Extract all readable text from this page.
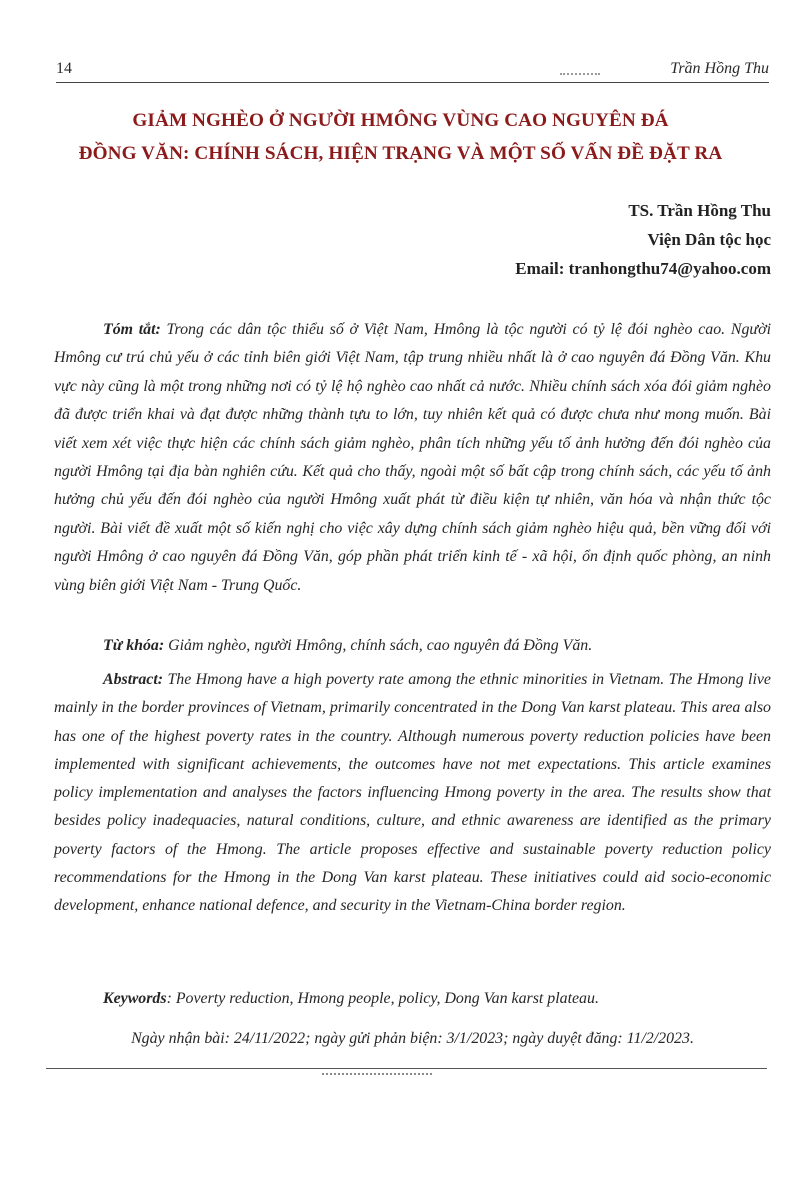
14	Trần Hồng Thu
GIẢM NGHÈO Ở NGƯỜI HMÔNG VÙNG CAO NGUYÊN ĐÁ
ĐỒNG VĂN: CHÍNH SÁCH, HIỆN TRẠNG VÀ MỘT SỐ VẤN ĐỀ ĐẶT RA
TS. Trần Hồng Thu
Viện Dân tộc học
Email: tranhongthu74@yahoo.com
Tóm tắt: Trong các dân tộc thiểu số ở Việt Nam, Hmông là tộc người có tỷ lệ đói nghèo cao. Người Hmông cư trú chủ yếu ở các tỉnh biên giới Việt Nam, tập trung nhiều nhất là ở cao nguyên đá Đồng Văn. Khu vực này cũng là một trong những nơi có tỷ lệ hộ nghèo cao nhất cả nước. Nhiều chính sách xóa đói giảm nghèo đã được triển khai và đạt được những thành tựu to lớn, tuy nhiên kết quả có được chưa như mong muốn. Bài viết xem xét việc thực hiện các chính sách giảm nghèo, phân tích những yếu tố ảnh hưởng đến đói nghèo của người Hmông tại địa bàn nghiên cứu. Kết quả cho thấy, ngoài một số bất cập trong chính sách, các yếu tố ảnh hưởng chủ yếu đến đói nghèo của người Hmông xuất phát từ điều kiện tự nhiên, văn hóa và nhận thức tộc người. Bài viết đề xuất một số kiến nghị cho việc xây dựng chính sách giảm nghèo hiệu quả, bền vững đối với người Hmông ở cao nguyên đá Đồng Văn, góp phần phát triển kinh tế - xã hội, ổn định quốc phòng, an ninh vùng biên giới Việt Nam - Trung Quốc.
Từ khóa: Giảm nghèo, người Hmông, chính sách, cao nguyên đá Đồng Văn.
Abstract: The Hmong have a high poverty rate among the ethnic minorities in Vietnam. The Hmong live mainly in the border provinces of Vietnam, primarily concentrated in the Dong Van karst plateau. This area also has one of the highest poverty rates in the country. Although numerous poverty reduction policies have been implemented with significant achievements, the outcomes have not met expectations. This article examines policy implementation and analyses the factors influencing Hmong poverty in the area. The results show that besides policy inadequacies, natural conditions, culture, and ethnic awareness are identified as the primary poverty factors of the Hmong. The article proposes effective and sustainable poverty reduction policy recommendations for the Hmong in the Dong Van karst plateau. These initiatives could aid socio-economic development, enhance national defence, and security in the Vietnam-China border region.
Keywords: Poverty reduction, Hmong people, policy, Dong Van karst plateau.
Ngày nhận bài: 24/11/2022; ngày gửi phản biện: 3/1/2023; ngày duyệt đăng: 11/2/2023.
